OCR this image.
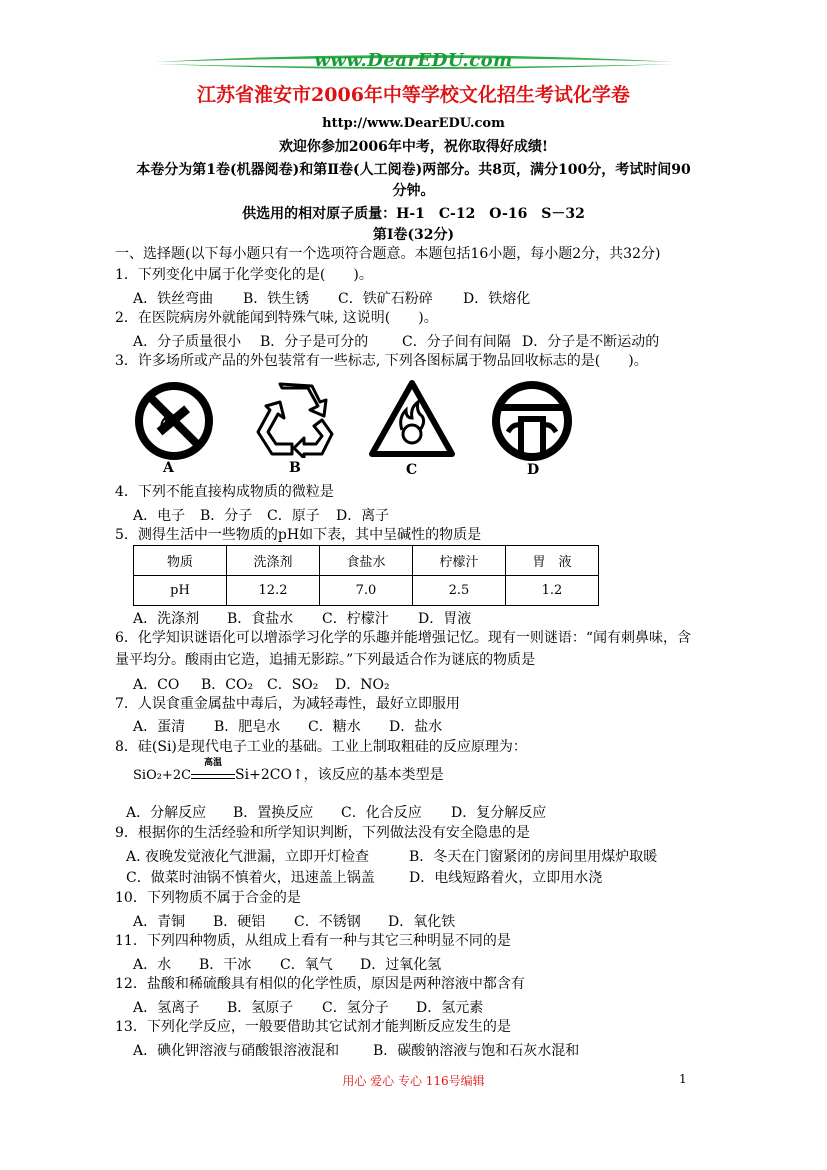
www.DearEDU.com
江苏省淮安市2006年中等学校文化招生考试化学卷
http://www.DearEDU.com
欢迎你参加2006年中考，祝你取得好成绩!
本卷分为第1卷(机器阅卷)和第Ⅱ卷(人工阅卷)两部分。共8页，满分100分，考试时间90
分钟。
供选用的相对原子质量：H-1　C-12　O-16　S－32
第Ⅰ卷(32分)
一、选择题(以下每小题只有一个选项符合题意。本题包括16小题，每小题2分，共32分)
1．下列变化中属于化学变化的是(　　)。
A．铁丝弯曲 B．铁生锈 C．铁矿石粉碎 D．铁熔化
2．在医院病房外就能闻到特殊气味, 这说明(　　)。
A．分子质量很小 B．分子是可分的 C．分子间有间隔 D．分子是不断运动的
3．许多场所或产品的外包装常有一些标志, 下列各图标属于物品回收标志的是(　　)。
A	B	C	D
4．下列不能直接构成物质的微粒是
A．电子 B．分子 C．原子 D．离子
5．测得生活中一些物质的pH如下表，其中呈碱性的物质是
物质	洗涤剂	食盐水	柠檬汁	胃　液
pH	12.2	7.0	2.5	1.2
A．洗涤剂 B．食盐水 C．柠檬汁 D．胃液
6．化学知识谜语化可以增添学习化学的乐趣并能增强记忆。现有一则谜语：“闻有刺鼻味，含
量平均分。酸雨由它造，追捕无影踪。”下列最适合作为谜底的物质是
A．CO B．CO₂ C．SO₂ D．NO₂
7．人误食重金属盐中毒后，为减轻毒性，最好立即服用
A．蛋清 B．肥皂水 C．糖水 D．盐水
8．硅(Si)是现代电子工业的基础。工业上制取粗硅的反应原理为：
SiO₂+2C
高温
Si+2CO↑，该反应的基本类型是
A．分解反应 B．置换反应 C．化合反应 D．复分解反应
9．根据你的生活经验和所学知识判断，下列做法没有安全隐患的是
A. 夜晚发觉液化气泄漏，立即开灯检查	B．冬天在门窗紧闭的房间里用煤炉取暖
C．做菜时油锅不慎着火，迅速盖上锅盖 D．电线短路着火，立即用水浇
10．下列物质不属于合金的是
A．青铜 B．硬铝 C．不锈钢 D．氧化铁
11．下列四种物质，从组成上看有一种与其它三种明显不同的是
A．水 B．干冰 C．氧气 D．过氧化氢
12．盐酸和稀硫酸具有相似的化学性质，原因是两种溶液中都含有
A．氢离子 B．氢原子 C．氢分子 D．氢元素
13．下列化学反应，一般要借助其它试剂才能判断反应发生的是
A．碘化钾溶液与硝酸银溶液混和 B．碳酸钠溶液与饱和石灰水混和
用心 爱心 专心 116号编辑	1
